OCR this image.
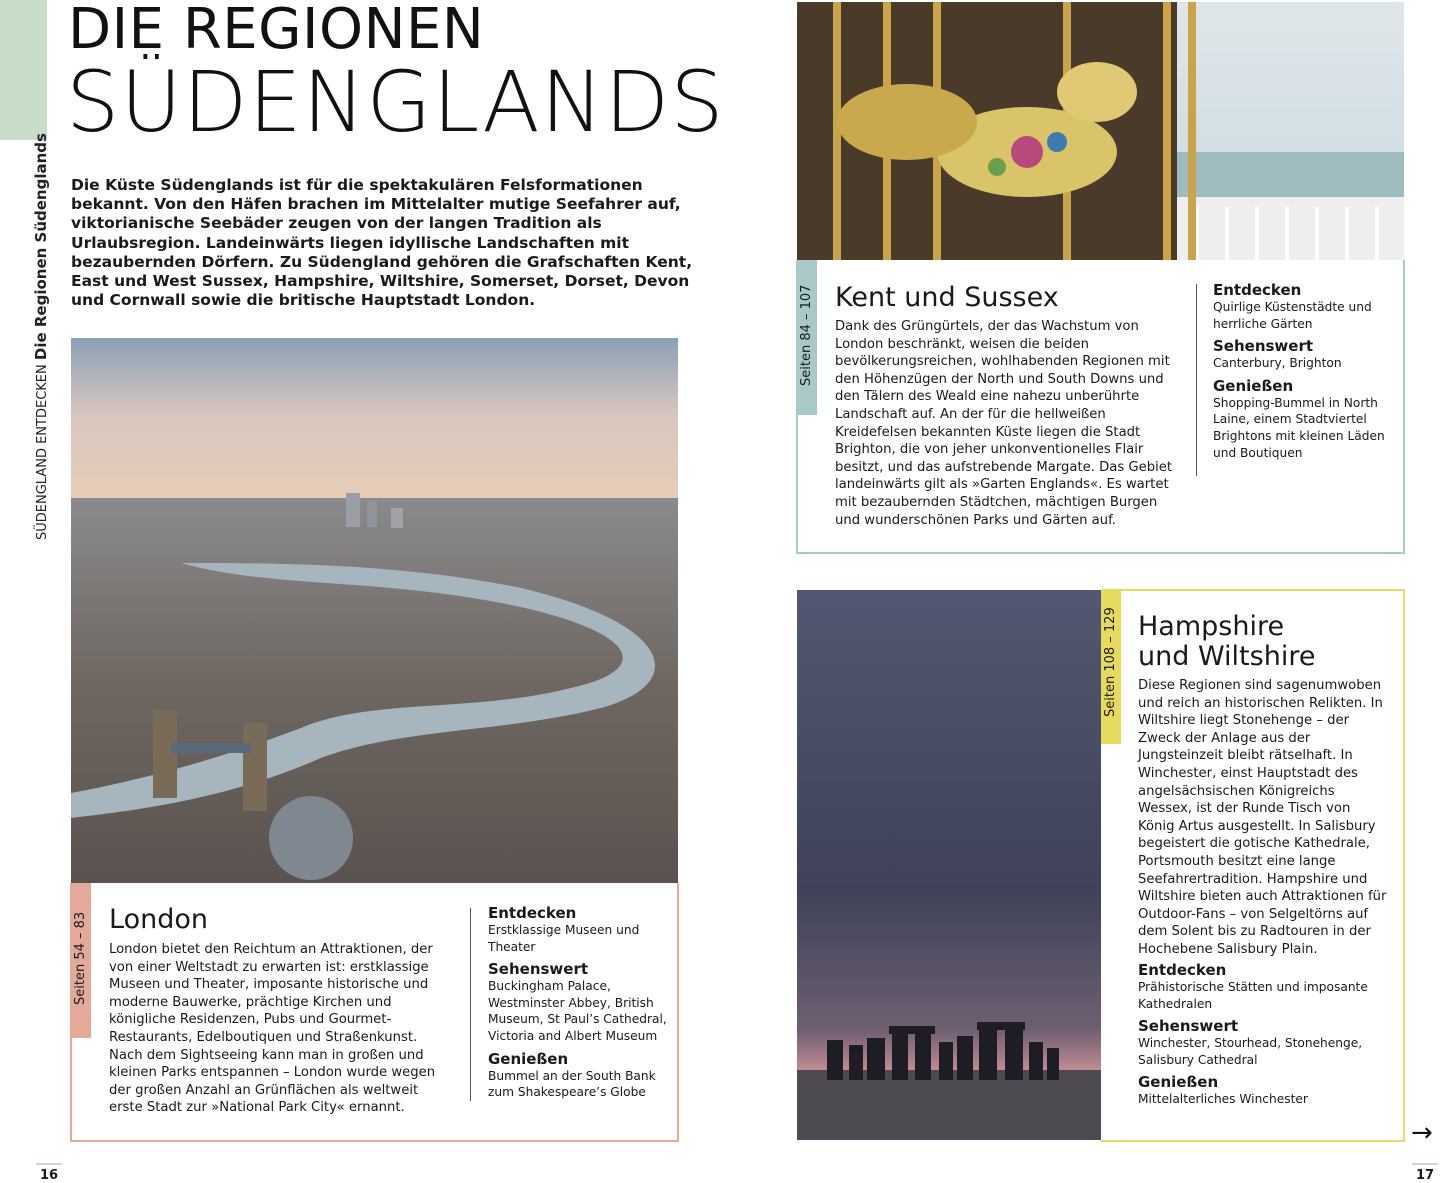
SÜDENGLAND ENTDECKEN Die Regionen Südenglands
DIE REGIONEN
SÜDENGLANDS
Die Küste Südenglands ist für die spektakulären Felsformationen bekannt. Von den Häfen brachen im Mittelalter mutige Seefahrer auf, viktorianische Seebäder zeugen von der langen Tradition als Urlaubsregion. Landeinwärts liegen idyllische Landschaften mit bezaubernden Dörfern. Zu Südengland gehören die Grafschaften Kent, East und West Sussex, Hampshire, Wiltshire, Somerset, Dorset, Devon und Cornwall sowie die britische Hauptstadt London.
Seiten 54 – 83 London
London bietet den Reichtum an Attraktionen, der von einer Weltstadt zu erwarten ist: erstklassige Museen und Theater, imposante historische und moderne Bauwerke, prächtige Kirchen und königliche Residenzen, Pubs und Gourmet-Restaurants, Edelboutiquen und Straßenkunst. Nach dem Sightseeing kann man in großen und kleinen Parks entspannen – London wurde wegen der großen Anzahl an Grünflächen als weltweit erste Stadt zur »National Park City« ernannt.
Entdecken

Erstklassige Museen und Theater

Sehenswert

Buckingham Palace, Westminster Abbey, British Museum, St Paul’s Cathedral, Victoria and Albert Museum

Genießen

Bummel an der South Bank zum Shakespeare’s Globe

16
Seiten 84 – 107 Kent und Sussex
Dank des Grüngürtels, der das Wachstum von London beschränkt, weisen die beiden bevölkerungsreichen, wohlhabenden Regionen mit den Höhenzügen der North und South Downs und den Tälern des Weald eine nahezu unberührte Landschaft auf. An der für die hellweißen Kreidefelsen bekannten Küste liegen die Stadt Brighton, die von jeher unkonventionelles Flair besitzt, und das aufstrebende Margate. Das Gebiet landeinwärts gilt als »Garten Englands«. Es wartet mit bezaubernden Städtchen, mächtigen Burgen und wunderschönen Parks und Gärten auf.
Entdecken

Quirlige Küstenstädte und herrliche Gärten

Sehenswert

Canterbury, Brighton

Genießen

Shopping-Bummel in North Laine, einem Stadtviertel Brightons mit kleinen Läden und Boutiquen

Seiten 108 – 129 Hampshire
und Wiltshire
Diese Regionen sind sagenumwoben und reich an historischen Relikten. In Wiltshire liegt Stonehenge – der Zweck der Anlage aus der Jungsteinzeit bleibt rätselhaft. In Winchester, einst Hauptstadt des angelsächsischen Königreichs Wessex, ist der Runde Tisch von König Artus ausgestellt. In Salisbury begeistert die gotische Kathedrale, Portsmouth besitzt eine lange Seefahrertradition. Hampshire und Wiltshire bieten auch Attraktionen für Outdoor-Fans – von Selgeltörns auf dem Solent bis zu Radtouren in der Hochebene Salisbury Plain.
Entdecken

Prähistorische Stätten und imposante Kathedralen

Sehenswert

Winchester, Stourhead, Stonehenge, Salisbury Cathedral

Genießen

Mittelalterliches Winchester

→
17
